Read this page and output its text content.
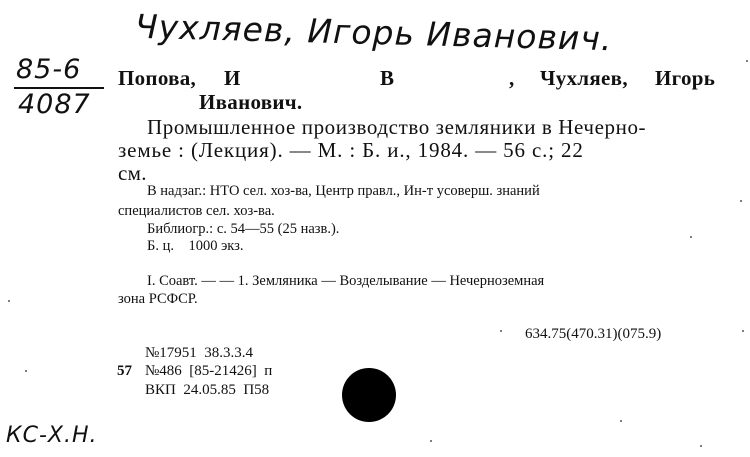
Чухляев, Игорь Иванович.
85-6
4087
КС-Х.Н.
Попова, И	В	, Чухляев, Игорь
Иванович.
Промышленное производство земляники в Нечерно-
земье : (Лекция). — М. : Б. и., 1984. — 56 с.; 22
см.
В надзаг.: НТО сел. хоз-ва, Центр правл., Ин-т усоверш. знаний
специалистов сел. хоз-ва.
Библиогр.: с. 54—55 (25 назв.).
Б. ц.    1000 экз.
I. Соавт. — — 1. Земляника — Возделывание — Нечерноземная
зона РСФСР.
634.75(470.31)(075.9)
№17951  38.3.3.4
57 №486  [85-21426]  п
ВКП  24.05.85  П58
